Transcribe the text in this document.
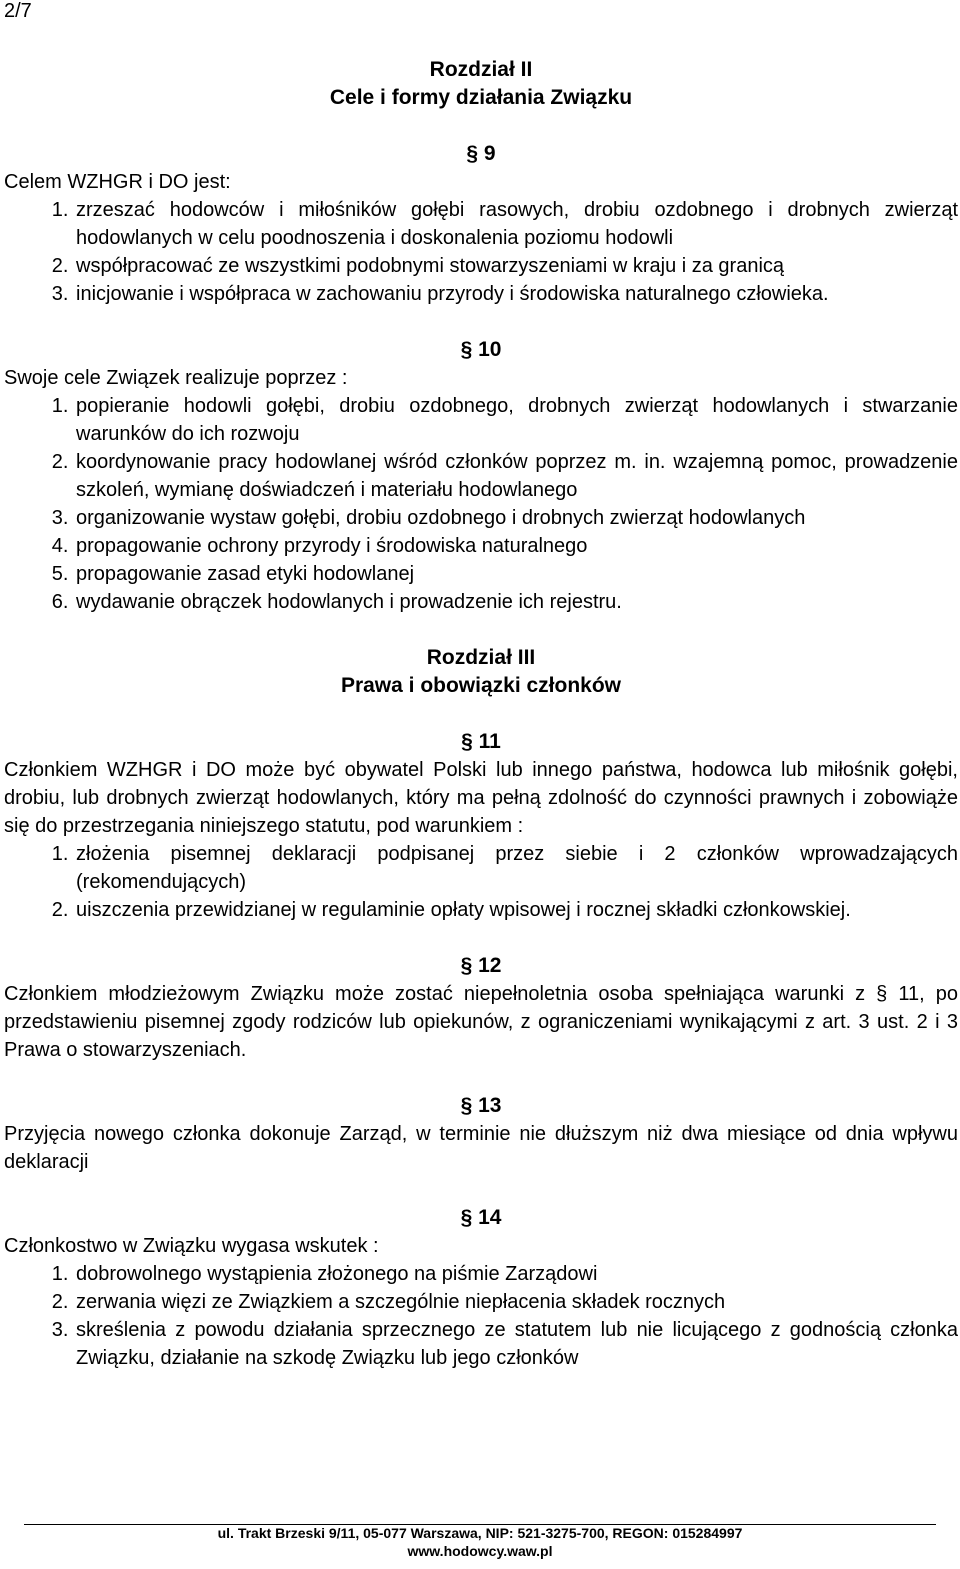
2/7
Rozdział II
Cele i formy działania Związku
§ 9
Celem WZHGR i DO jest:
1. zrzeszać hodowców i miłośników gołębi rasowych, drobiu ozdobnego i drobnych zwierząt hodowlanych w celu poodnoszenia i doskonalenia poziomu hodowli
2. współpracować ze wszystkimi podobnymi stowarzyszeniami w kraju i za granicą
3. inicjowanie i współpraca w zachowaniu przyrody i środowiska naturalnego człowieka.
§ 10
Swoje cele Związek realizuje poprzez :
1. popieranie hodowli gołębi, drobiu ozdobnego, drobnych zwierząt hodowlanych i stwarzanie warunków do ich rozwoju
2. koordynowanie pracy hodowlanej wśród członków poprzez m. in. wzajemną pomoc, prowadzenie szkoleń, wymianę doświadczeń i materiału hodowlanego
3. organizowanie wystaw gołębi, drobiu ozdobnego i drobnych zwierząt hodowlanych
4. propagowanie ochrony przyrody i środowiska naturalnego
5. propagowanie zasad etyki hodowlanej
6. wydawanie obrączek hodowlanych i prowadzenie ich rejestru.
Rozdział III
Prawa i obowiązki członków
§ 11
Członkiem WZHGR i DO może być obywatel Polski lub innego państwa, hodowca lub miłośnik gołębi, drobiu, lub drobnych zwierząt hodowlanych, który ma pełną zdolność do czynności prawnych i zobowiąże się do przestrzegania niniejszego statutu, pod warunkiem :
1. złożenia pisemnej deklaracji podpisanej przez siebie i 2 członków wprowadzających (rekomendujących)
2. uiszczenia przewidzianej w regulaminie opłaty wpisowej i rocznej składki członkowskiej.
§ 12
Członkiem młodzieżowym Związku może zostać niepełnoletnia osoba spełniająca warunki z § 11, po przedstawieniu pisemnej zgody rodziców lub opiekunów, z ograniczeniami wynikającymi z art. 3 ust. 2 i 3 Prawa o stowarzyszeniach.
§ 13
Przyjęcia nowego członka dokonuje Zarząd, w terminie nie dłuższym niż dwa miesiące od dnia wpływu deklaracji
§ 14
Członkostwo w Związku wygasa wskutek :
1. dobrowolnego wystąpienia złożonego na piśmie Zarządowi
2. zerwania więzi ze Związkiem a szczególnie niepłacenia składek rocznych
3. skreślenia z powodu działania sprzecznego ze statutem lub nie licującego z godnością członka Związku, działanie na szkodę Związku lub jego członków
ul. Trakt Brzeski 9/11, 05-077 Warszawa, NIP: 521-3275-700, REGON: 015284997
www.hodowcy.waw.pl
